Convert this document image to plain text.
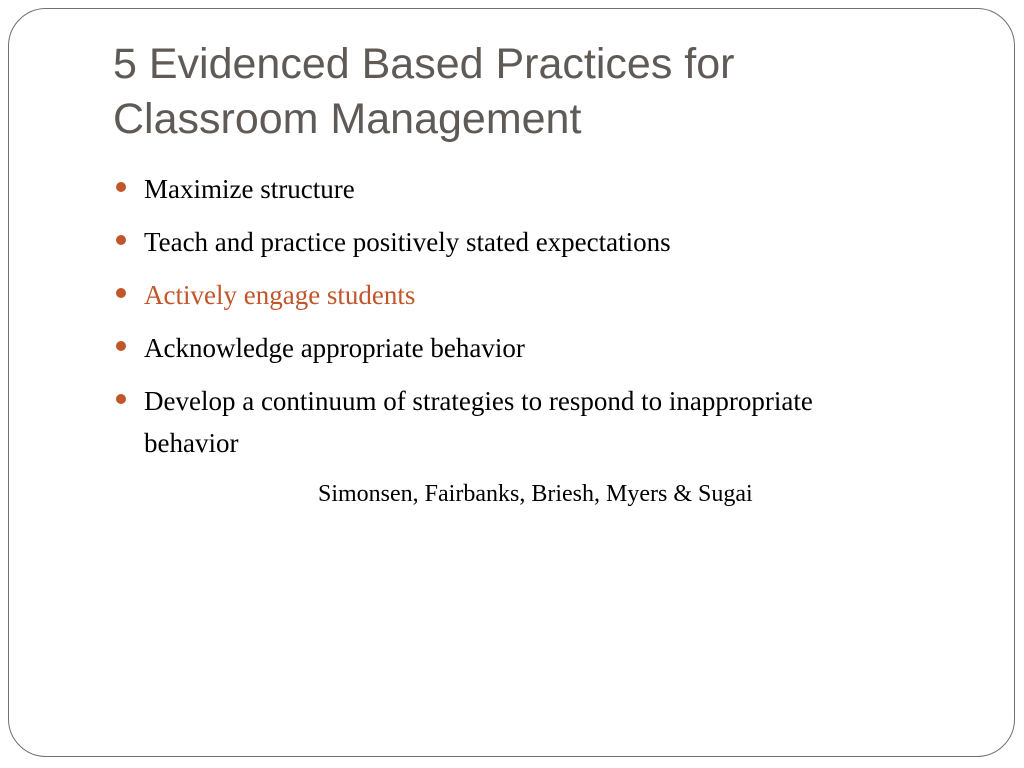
5 Evidenced Based Practices for Classroom Management
Maximize structure
Teach and practice positively stated expectations
Actively engage students
Acknowledge appropriate behavior
Develop a continuum of strategies to respond to inappropriate behavior
Simonsen, Fairbanks, Briesh, Myers & Sugai
